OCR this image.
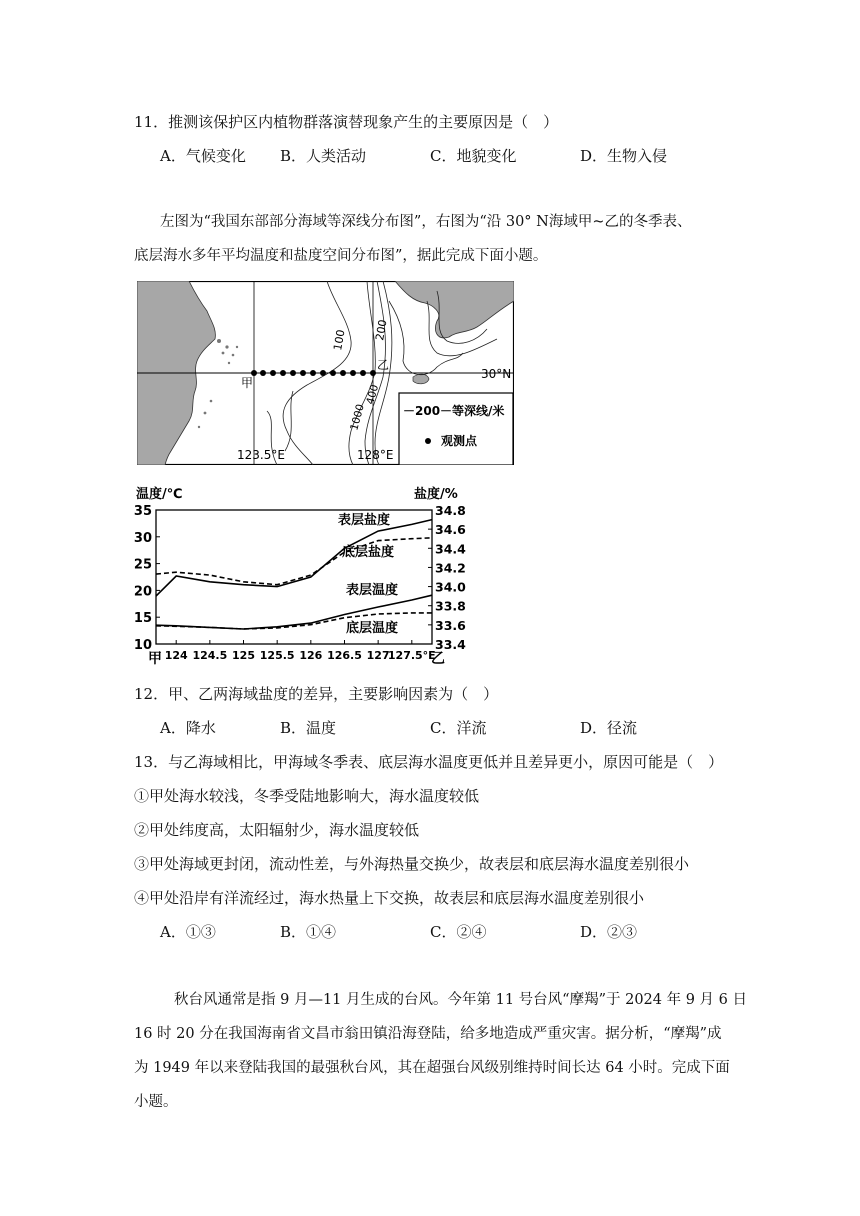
11．推测该保护区内植物群落演替现象产生的主要原因是（　）
A．气候变化 B．人类活动	C．地貌变化	D．生物入侵
左图为“我国东部部分海域等深线分布图”，右图为“沿 30° N海域甲~乙的冬季表、
底层海水多年平均温度和盐度空间分布图”，据此完成下面小题。
甲
乙
30°N
100 200
1000
400
123.5°E	128°E
－200－等深线/米
观测点
温度/℃	盐度/%
35
30
25
20
15
10
34.8
34.6
34.4
34.2
34.0
33.8
33.6
33.4
124 124.5 125 125.5 126 126.5 127
127.5°E
表层盐度
底层盐度
表层温度
底层温度
甲	乙
12．甲、乙两海域盐度的差异，主要影响因素为（　）
A．降水	B．温度	C．洋流	D．径流
13．与乙海域相比，甲海域冬季表、底层海水温度更低并且差异更小，原因可能是（　）
①甲处海水较浅，冬季受陆地影响大，海水温度较低
②甲处纬度高，太阳辐射少，海水温度较低
③甲处海域更封闭，流动性差，与外海热量交换少，故表层和底层海水温度差别很小
④甲处沿岸有洋流经过，海水热量上下交换，故表层和底层海水温度差别很小
A．①③	B．①④	C．②④	D．②③
秋台风通常是指 9 月—11 月生成的台风。今年第 11 号台风“摩羯”于 2024 年 9 月 6 日
16 时 20 分在我国海南省文昌市翁田镇沿海登陆，给多地造成严重灾害。据分析，“摩羯”成
为 1949 年以来登陆我国的最强秋台风，其在超强台风级别维持时间长达 64 小时。完成下面
小题。
